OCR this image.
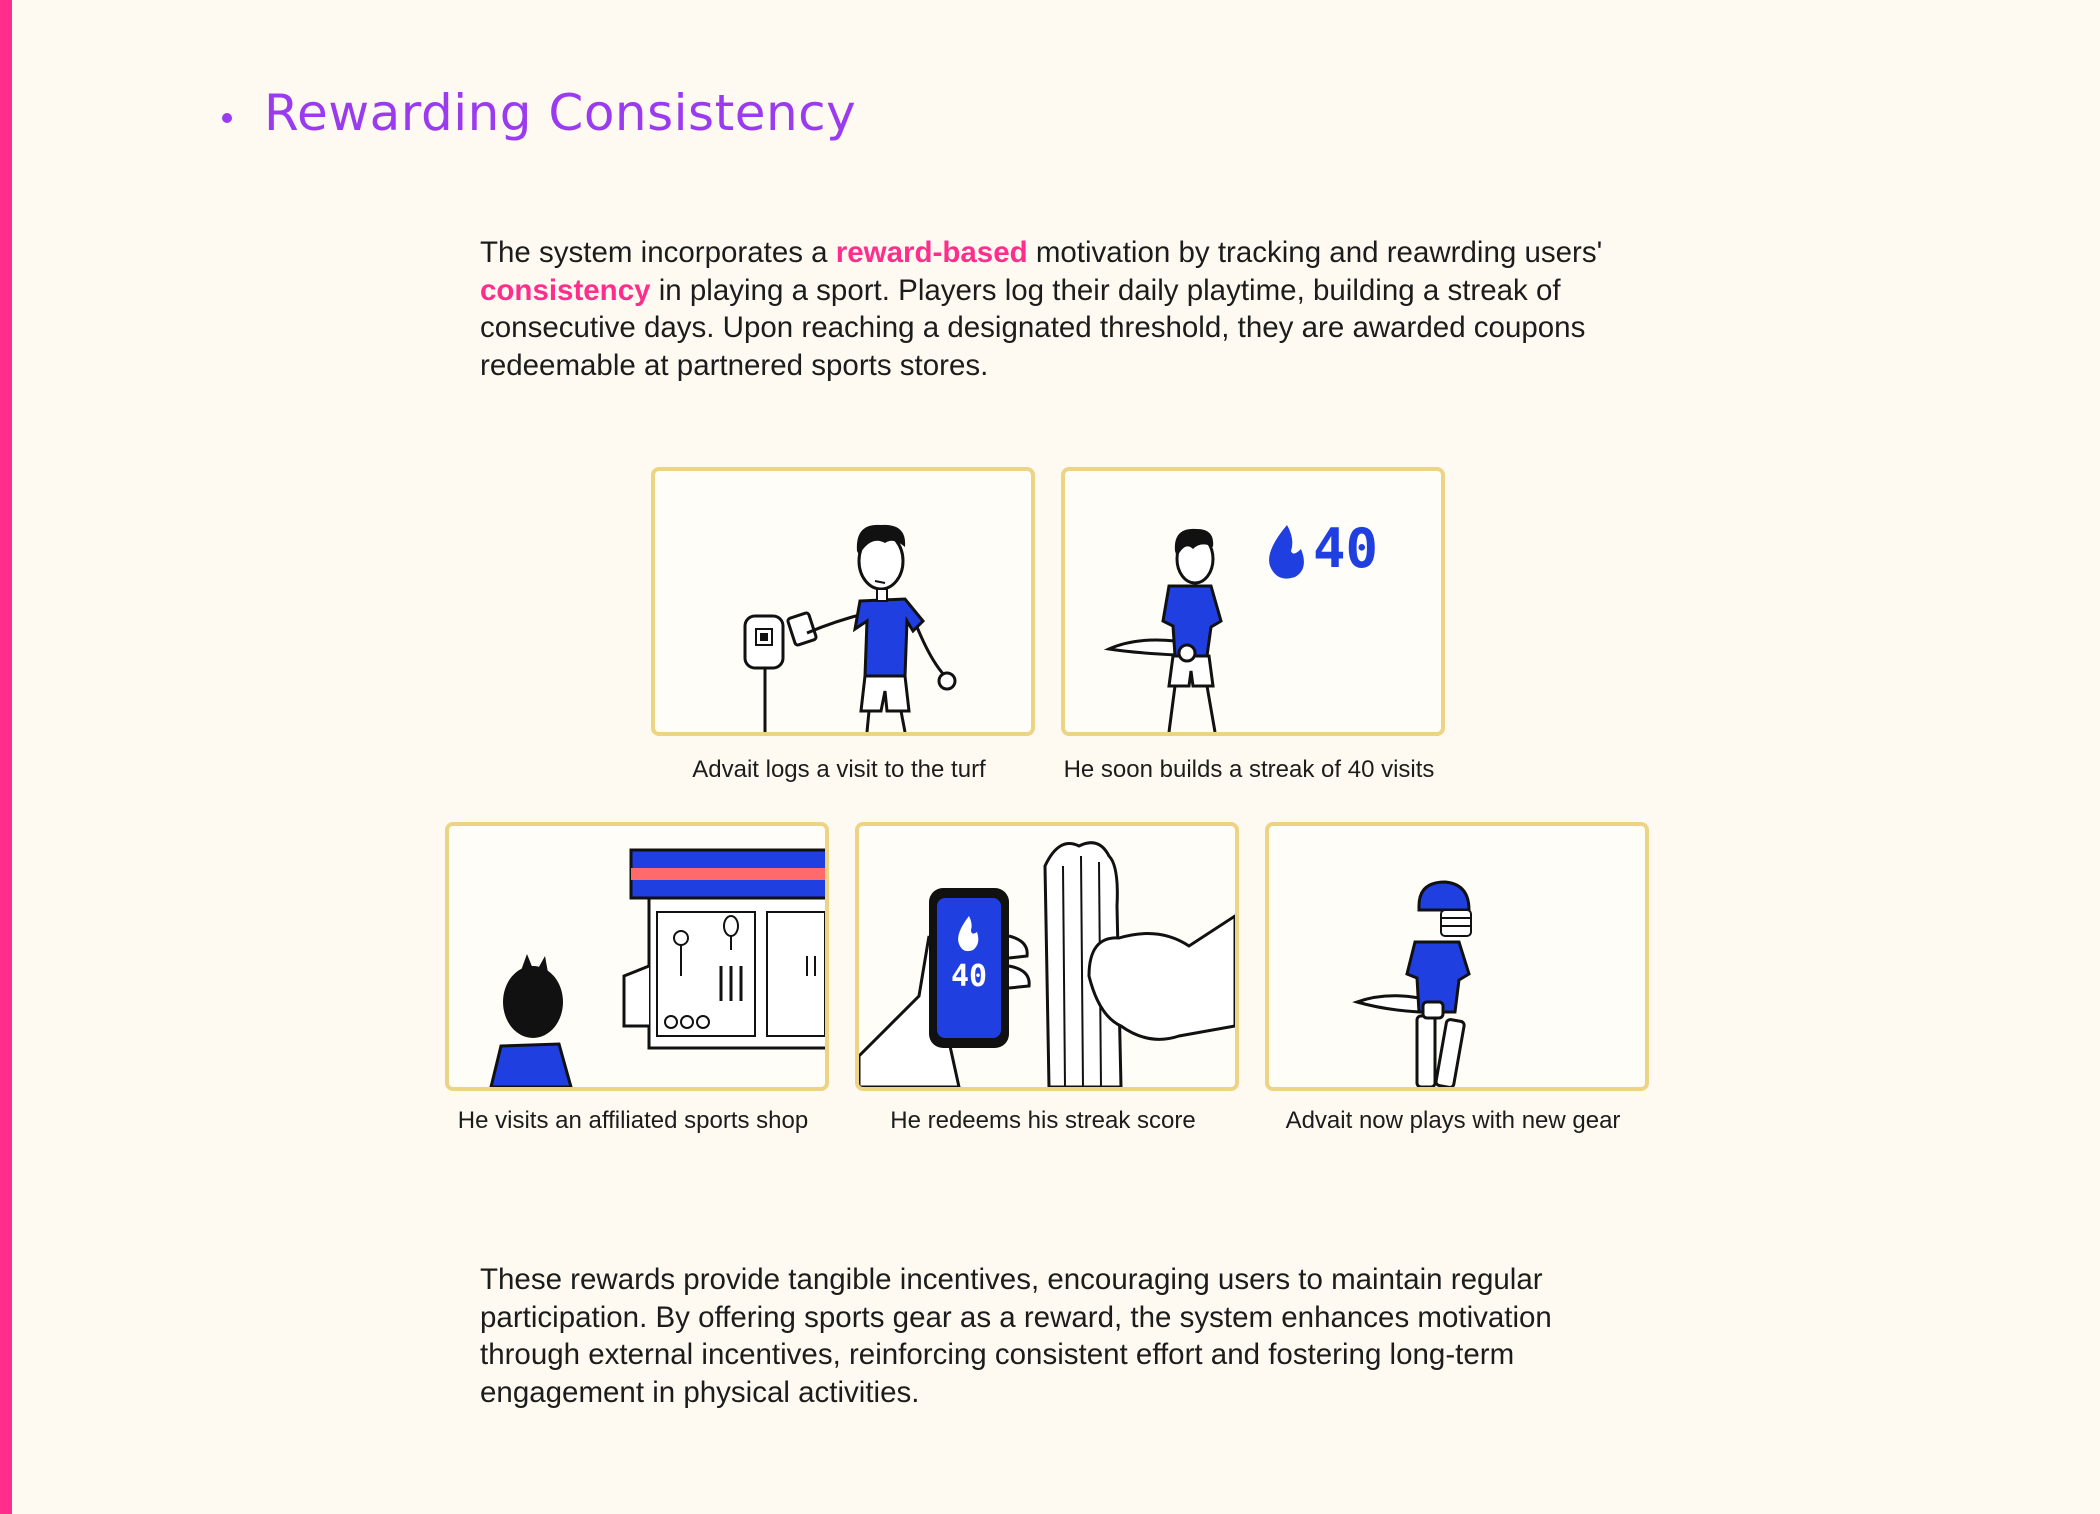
Rewarding Consistency

The system incorporates a reward-based motivation by tracking and reawrding users' consistency in playing a sport. Players log their daily playtime, building a streak of consecutive days. Upon reaching a designated threshold, they are awarded coupons redeemable at partnered sports stores.

Advait logs a visit to the turf

40

He soon builds a streak of 40 visits

He visits an affiliated sports shop

40

He redeems his streak score	Advait now plays with new gear

These rewards provide tangible incentives, encouraging users to maintain regular participation. By offering sports gear as a reward, the system enhances motivation through external incentives, reinforcing consistent effort and fostering long-term engagement in physical activities.
